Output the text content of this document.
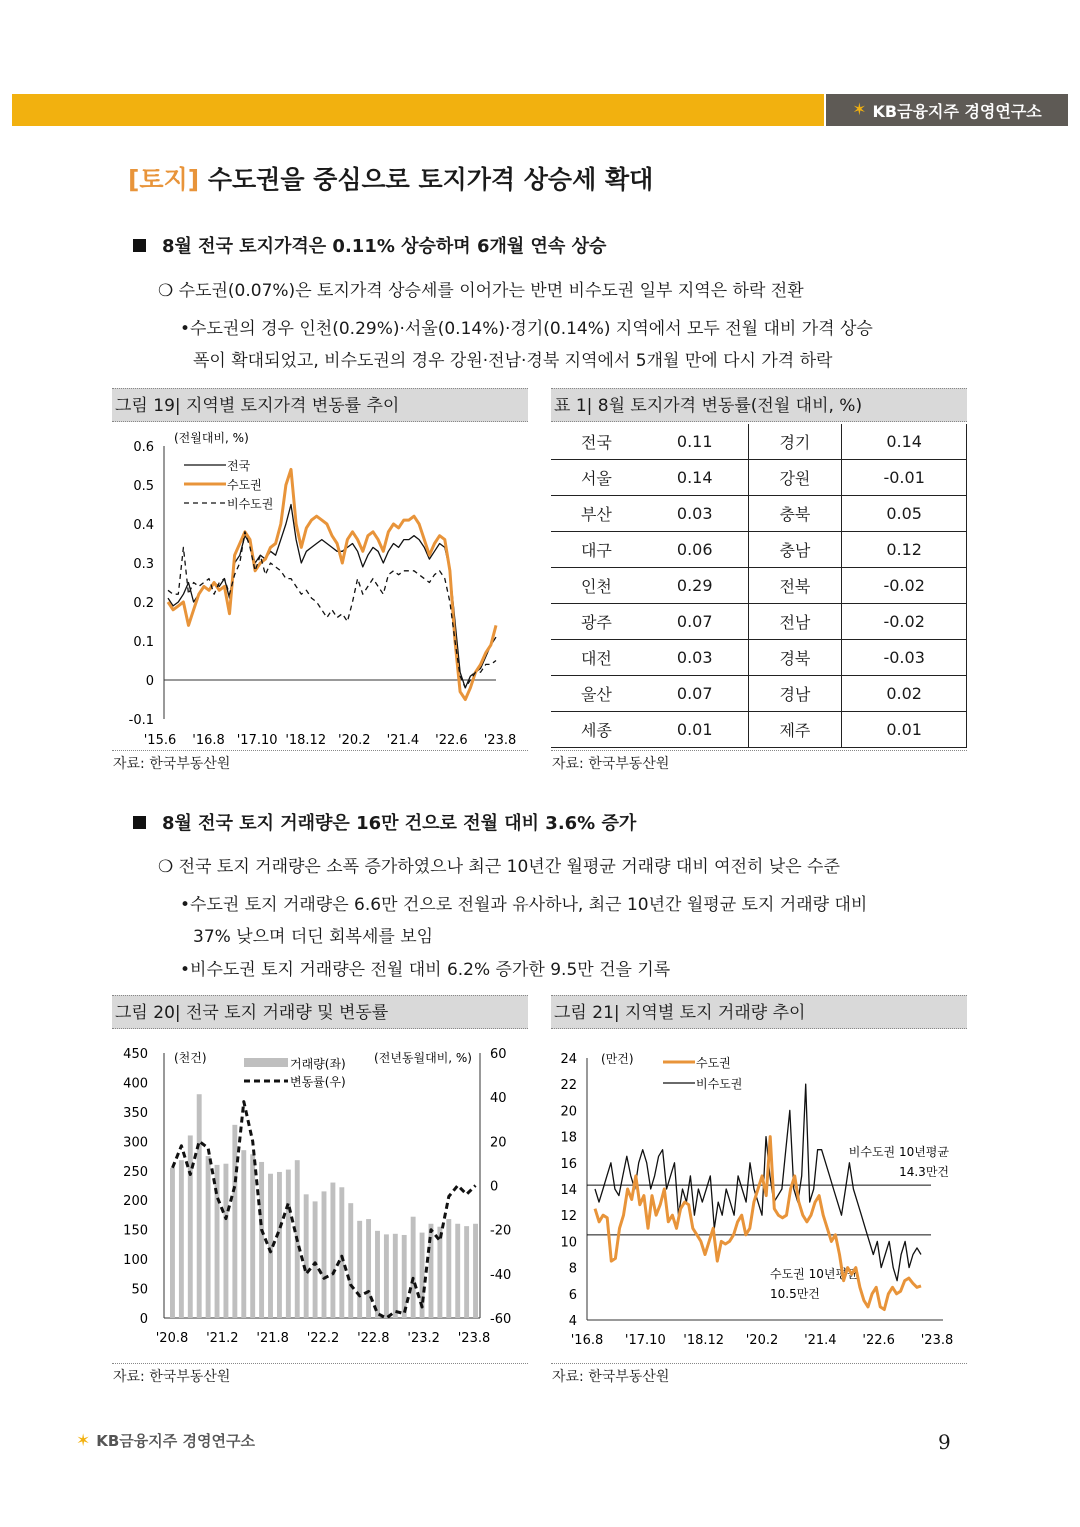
✶ KB금융지주 경영연구소
[토지] 수도권을 중심으로 토지가격 상승세 확대
8월 전국 토지가격은 0.11% 상승하며 6개월 연속 상승
❍ 수도권(0.07%)은 토지가격 상승세를 이어가는 반면 비수도권 일부 지역은 하락 전환
•수도권의 경우 인천(0.29%)·서울(0.14%)·경기(0.14%) 지역에서 모두 전월 대비 가격 상승
폭이 확대되었고, 비수도권의 경우 강원·전남·경북 지역에서 5개월 만에 다시 가격 하락
그림 19| 지역별 토지가격 변동률 추이
0.6
0.5
0.4
0.3
0.2
0.1
0
-0.1
'15.6 '16.8 '17.10 '18.12 '20.2 '21.4 '22.6 '23.8
(전월대비, %)
전국
수도권
비수도권
자료: 한국부동산원
표 1| 8월 토지가격 변동률(전월 대비, %)
전국	0.11	경기	0.14
서울	0.14	강원	-0.01
부산	0.03	충북	0.05
대구	0.06	충남	0.12
인천	0.29	전북	-0.02
광주	0.07	전남	-0.02
대전	0.03	경북	-0.03
울산	0.07	경남	0.02
세종	0.01	제주	0.01
자료: 한국부동산원
8월 전국 토지 거래량은 16만 건으로 전월 대비 3.6% 증가
❍ 전국 토지 거래량은 소폭 증가하였으나 최근 10년간 월평균 거래량 대비 여전히 낮은 수준
•수도권 토지 거래량은 6.6만 건으로 전월과 유사하나, 최근 10년간 월평균 토지 거래량 대비
37% 낮으며 더딘 회복세를 보임
•비수도권 토지 거래량은 전월 대비 6.2% 증가한 9.5만 건을 기록
그림 20| 전국 토지 거래량 및 변동률
450
400
350
300
250
200
150
100
50
0
60
40
20
0
-20
-40
-60
'20.8 '21.2 '21.8 '22.2 '22.8 '23.2 '23.8
(천건)	(전년동월대비, %)
거래량(좌)
변동률(우)
자료: 한국부동산원
그림 21| 지역별 토지 거래량 추이
24
22
20
18
16
14
12
10
8
6
4
'16.8 '17.10 '18.12 '20.2 '21.4 '22.6 '23.8
(만건)
비수도권 10년평균
14.3만건
수도권 10년평균
10.5만건
수도권
비수도권
자료: 한국부동산원
✶ KB금융지주 경영연구소	9
